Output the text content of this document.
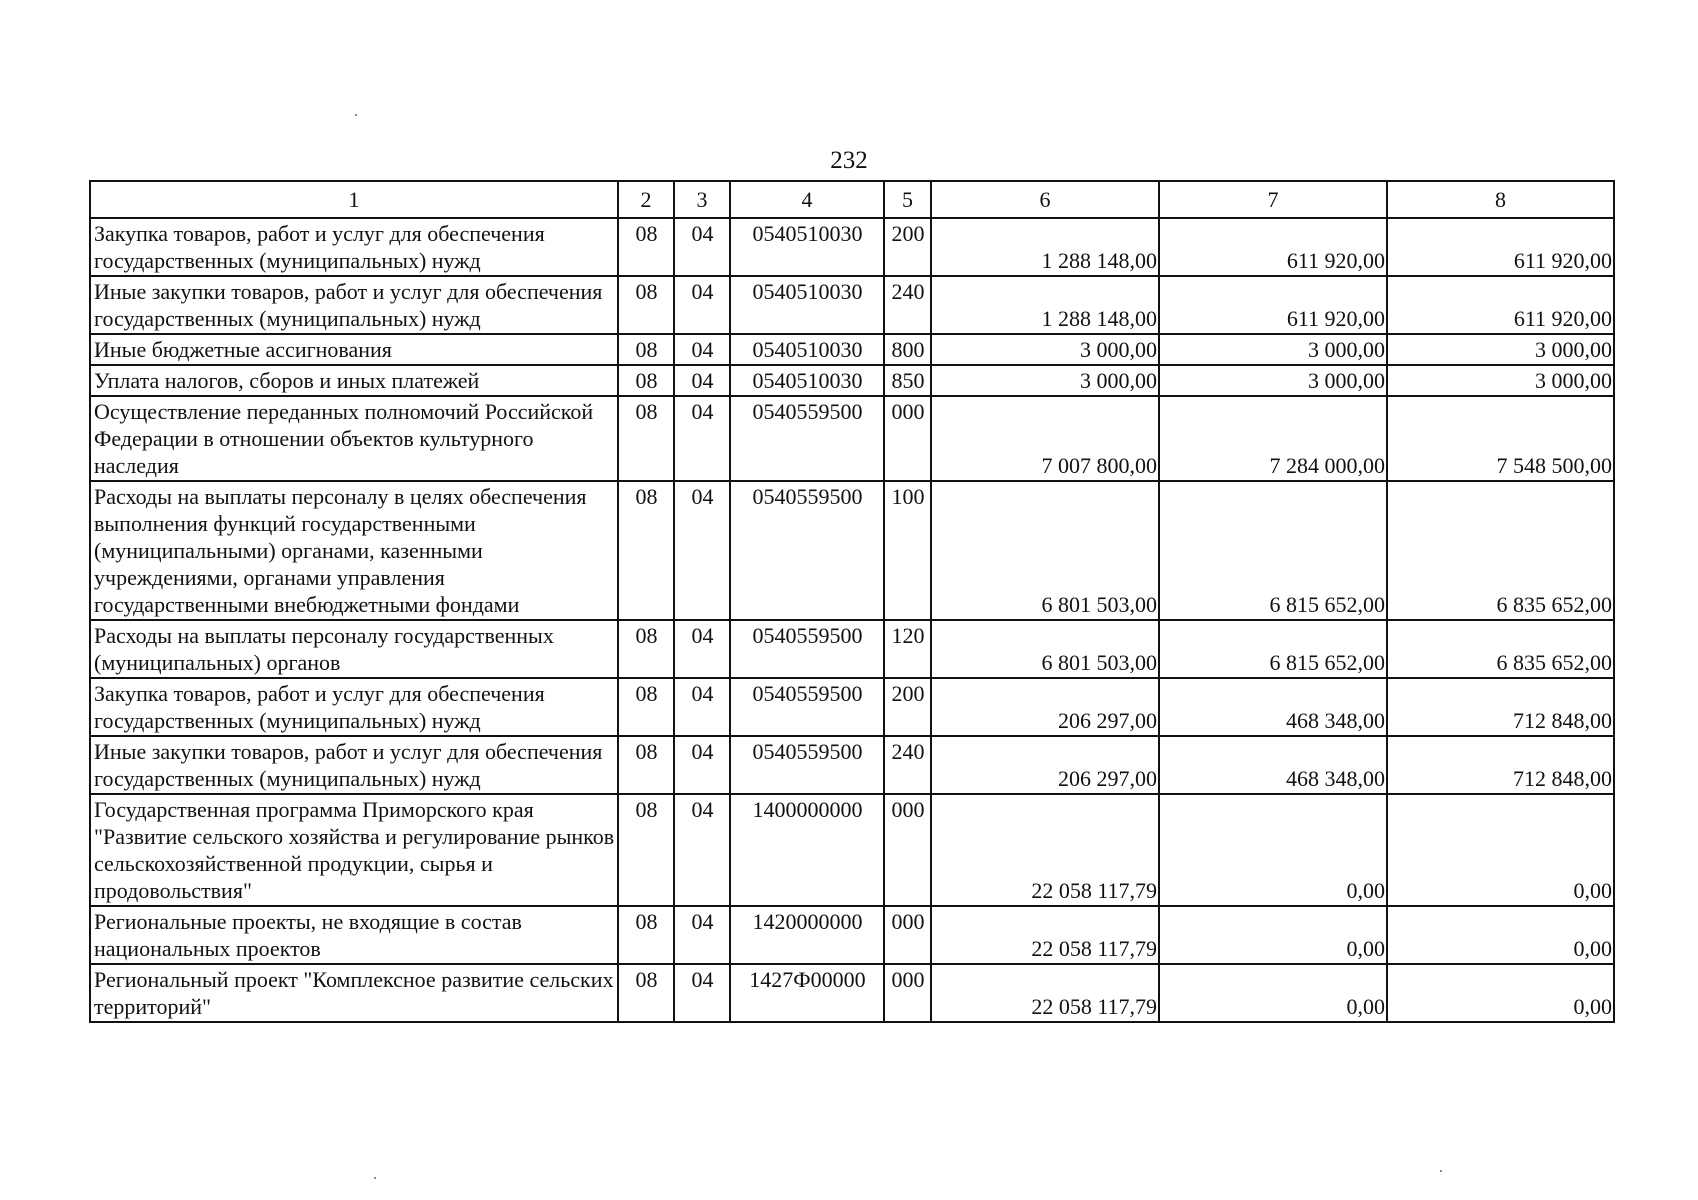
232
1	2	3	4	5	6	7	8
Закупка товаров, работ и услуг для обеспечения государственных (муниципальных) нужд	08	04	0540510030	200	1 288 148,00	611 920,00	611 920,00
Иные закупки товаров, работ и услуг для обеспечения государственных (муниципальных) нужд	08	04	0540510030	240	1 288 148,00	611 920,00	611 920,00
Иные бюджетные ассигнования	08	04	0540510030	800	3 000,00	3 000,00	3 000,00
Уплата налогов, сборов и иных платежей	08	04	0540510030	850	3 000,00	3 000,00	3 000,00
Осуществление переданных полномочий Российской Федерации в отношении объектов культурного наследия	08	04	0540559500	000	7 007 800,00	7 284 000,00	7 548 500,00
Расходы на выплаты персоналу в целях обеспечения выполнения функций государственными (муниципальными) органами, казенными учреждениями, органами управления государственными внебюджетными фондами	08	04	0540559500	100	6 801 503,00	6 815 652,00	6 835 652,00
Расходы на выплаты персоналу государственных (муниципальных) органов	08	04	0540559500	120	6 801 503,00	6 815 652,00	6 835 652,00
Закупка товаров, работ и услуг для обеспечения государственных (муниципальных) нужд	08	04	0540559500	200	206 297,00	468 348,00	712 848,00
Иные закупки товаров, работ и услуг для обеспечения государственных (муниципальных) нужд	08	04	0540559500	240	206 297,00	468 348,00	712 848,00
Государственная программа Приморского края "Развитие сельского хозяйства и регулирование рынков сельскохозяйственной продукции, сырья и продовольствия"	08	04	1400000000	000	22 058 117,79	0,00	0,00
Региональные проекты, не входящие в состав национальных проектов	08	04	1420000000	000	22 058 117,79	0,00	0,00
Региональный проект "Комплексное развитие сельских территорий"	08	04	1427Ф00000	000	22 058 117,79	0,00	0,00
